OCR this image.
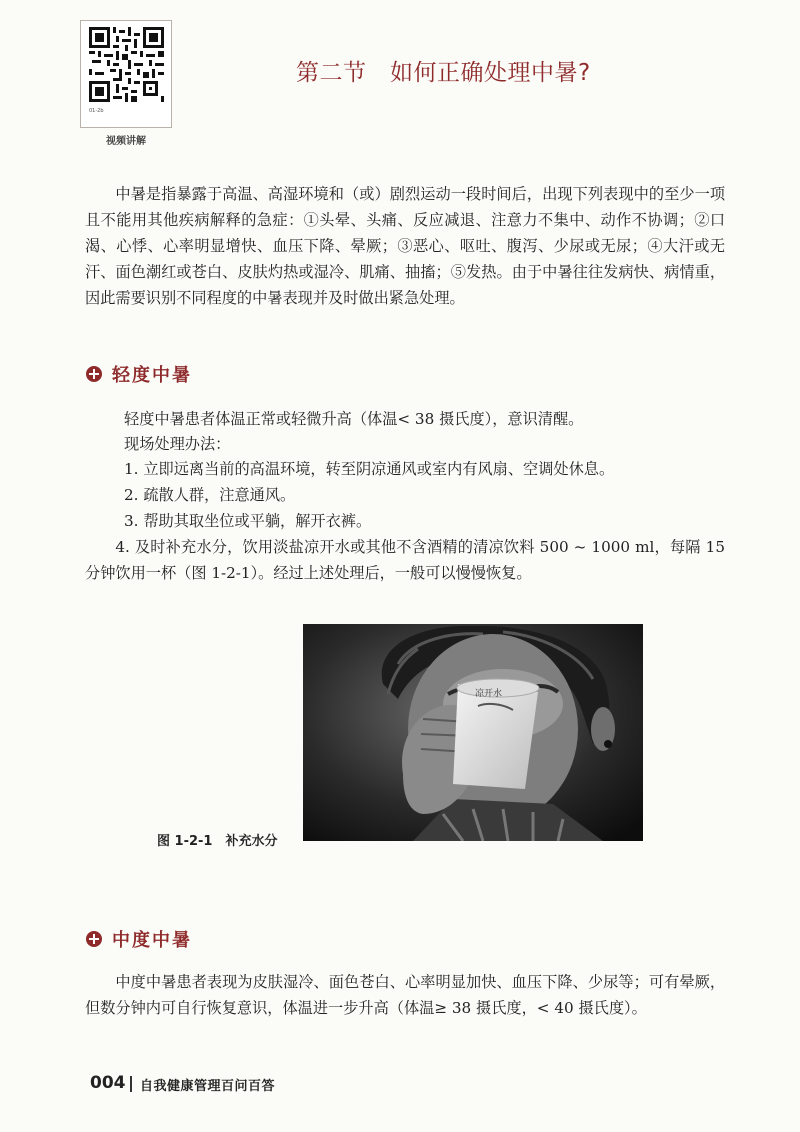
01-2b
视频讲解
第二节　如何正确处理中暑?

中暑是指暴露于高温、高湿环境和（或）剧烈运动一段时间后，出现下列表现中的至少一项且不能用其他疾病解释的急症：①头晕、头痛、反应减退、注意力不集中、动作不协调；②口渴、心悸、心率明显增快、血压下降、晕厥；③恶心、呕吐、腹泻、少尿或无尿；④大汗或无汗、面色潮红或苍白、皮肤灼热或湿冷、肌痛、抽搐；⑤发热。由于中暑往往发病快、病情重，因此需要识别不同程度的中暑表现并及时做出紧急处理。

轻度中暑
轻度中暑患者体温正常或轻微升高（体温< 38 摄氏度），意识清醒。
现场处理办法：
1. 立即远离当前的高温环境，转至阴凉通风或室内有风扇、空调处休息。
2. 疏散人群，注意通风。
3. 帮助其取坐位或平躺，解开衣裤。

4. 及时补充水分，饮用淡盐凉开水或其他不含酒精的清凉饮料 500 ~ 1000 ml，每隔 15 分钟饮用一杯（图 1-2-1）。经过上述处理后，一般可以慢慢恢复。

凉开水
图 1-2-1　补充水分
中度中暑

中度中暑患者表现为皮肤湿冷、面色苍白、心率明显加快、血压下降、少尿等；可有晕厥，但数分钟内可自行恢复意识，体温进一步升高（体温≥ 38 摄氏度，< 40 摄氏度）。

004 自我健康管理百问百答
